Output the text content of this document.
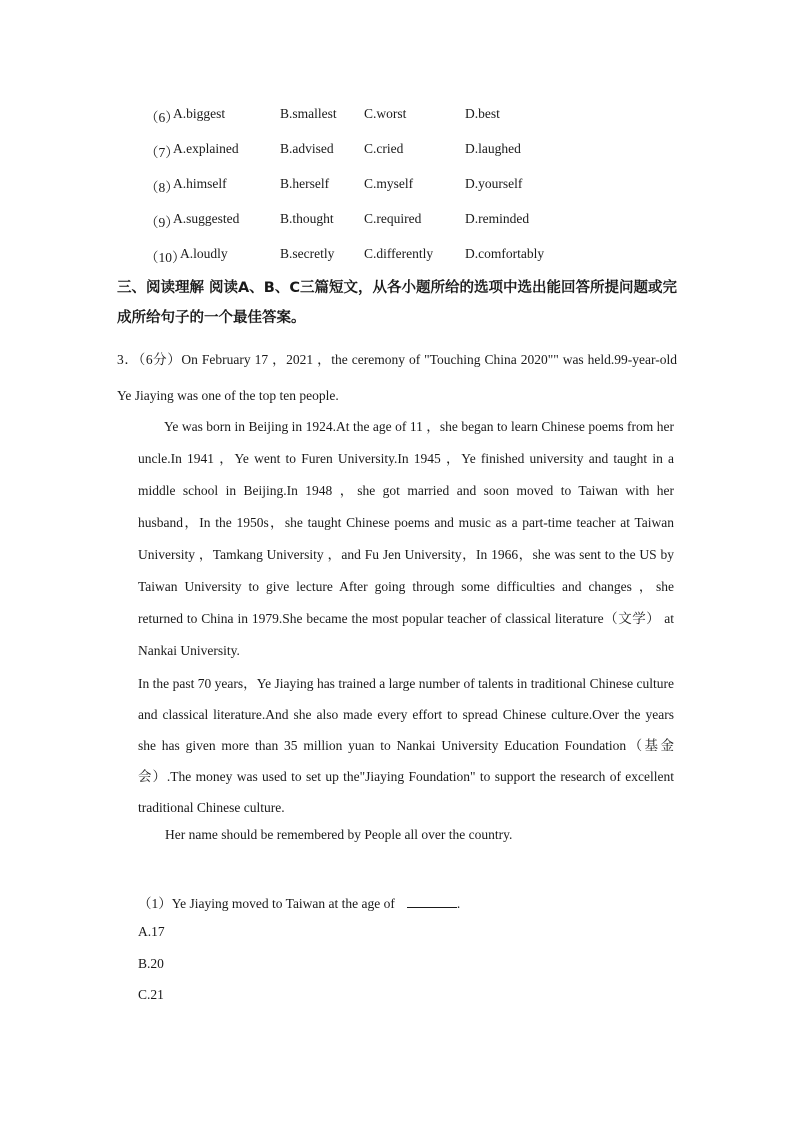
（6）
A.biggest	B.smallest C.worst	D.best
（7）
A.explained	B.advised C.cried	D.laughed
（8）
A.himself	B.herself	C.myself	D.yourself
（9）
A.suggested	B.thought C.required	D.reminded
（10）
A.loudly	B.secretly C.differently D.comfortably
三、阅读理解 阅读A、B、C三篇短文，从各小题所给的选项中选出能回答所提问题或完成所给句子的一个最佳答案。
3．（6分）On February 17 ，2021 ，the ceremony of "Touching China 2020"" was held.99-year-old Ye Jiaying was one of the top ten people.
Ye was born in Beijing in 1924.At the age of 11 ，she began to learn Chinese poems from her uncle.In 1941 ，Ye went to Furen University.In 1945 ，Ye finished university and taught in a middle school in Beijing.In 1948 ，she got married and soon moved to Taiwan with her husband，In the 1950s，she taught Chinese poems and music as a part-time teacher at Taiwan University ，Tamkang University ，and Fu Jen University，In 1966，she was sent to the US by Taiwan University to give lecture After going through some difficulties and changes ，she returned to China in 1979.She became the most popular teacher of classical literature（文学） at Nankai University.
In the past 70 years，Ye Jiaying has trained a large number of talents in traditional Chinese culture and classical literature.And she also made every effort to spread Chinese culture.Over the years she has given more than 35 million yuan to Nankai University Education Foundation（基金会）.The money was used to set up the"Jiaying Foundation" to support the research of excellent traditional Chinese culture.
Her name should be remembered by People all over the country.
（1）Ye Jiaying moved to Taiwan at the age of	.
A.17
B.20
C.21
